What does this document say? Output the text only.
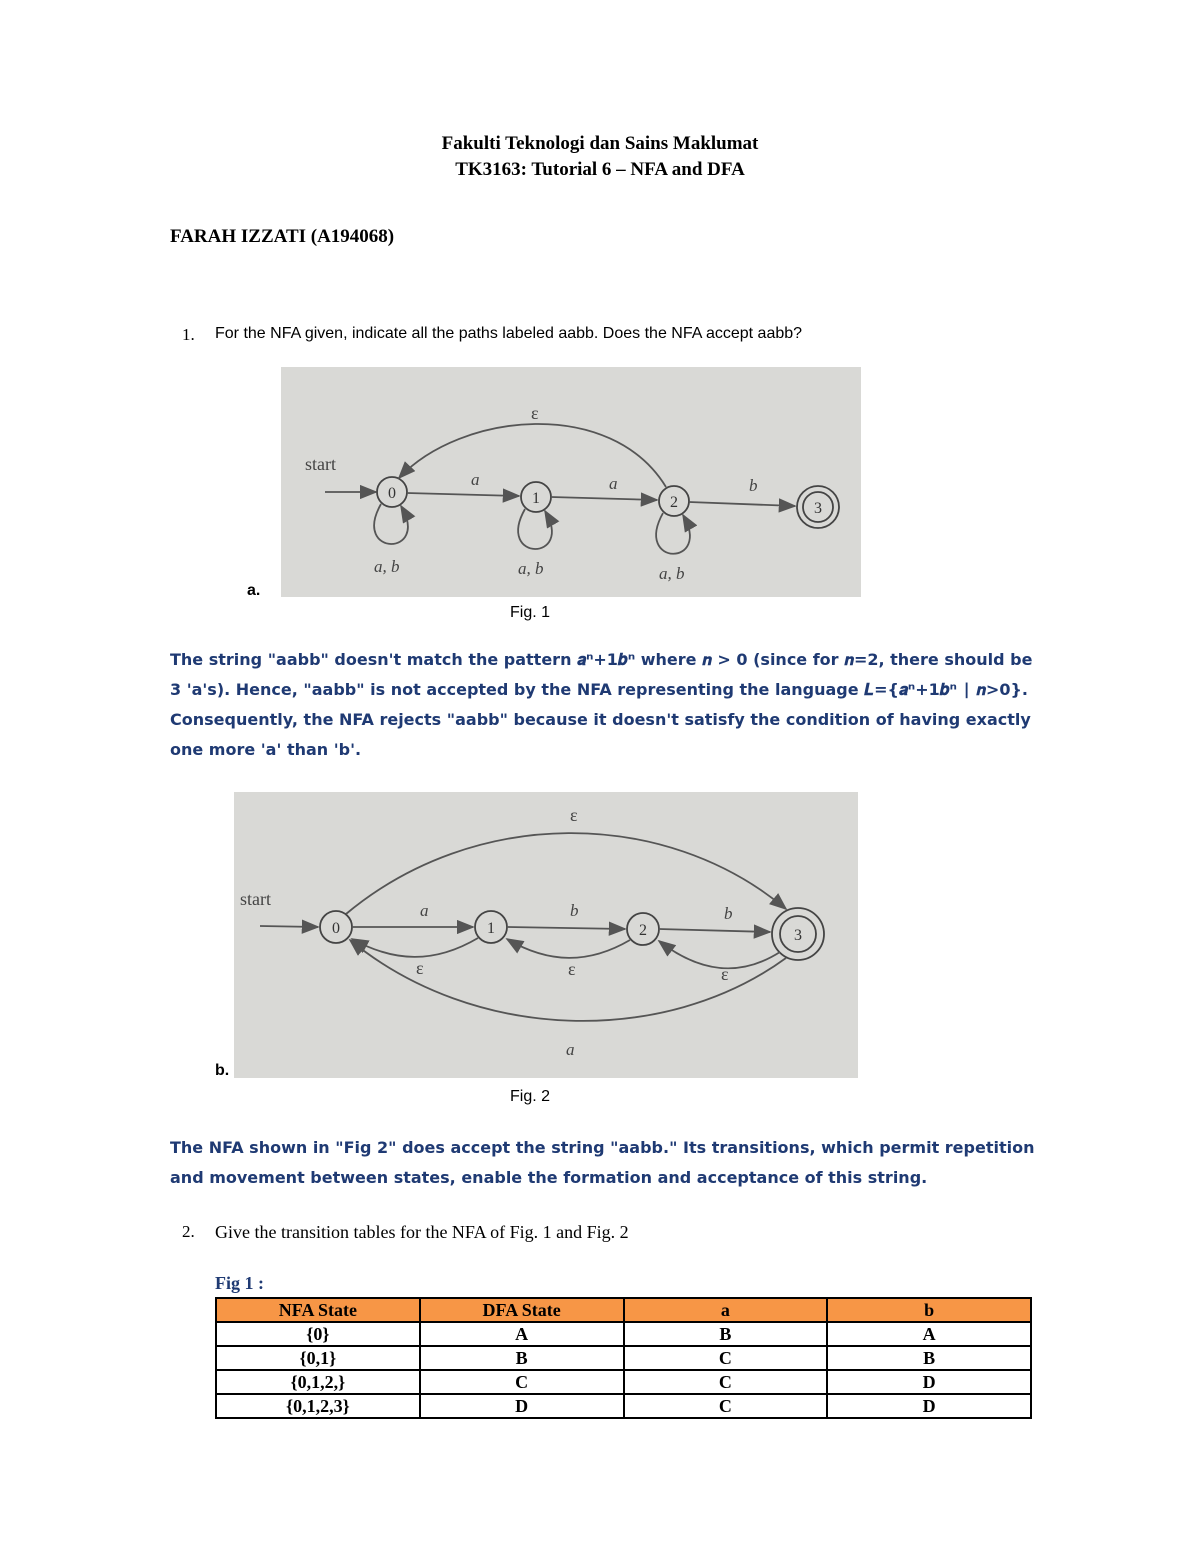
Fakulti Teknologi dan Sains Maklumat
TK3163: Tutorial 6 – NFA and DFA
FARAH IZZATI (A194068)
1. For the NFA given, indicate all the paths labeled aabb. Does the NFA accept aabb?
a.
start
0	1	2	3
a	a	b
ε
a, b	a, b	a, b
Fig. 1
The string "aabb" doesn't match the pattern 𝒂ⁿ+1𝒃ⁿ where 𝒏 > 0 (since for 𝒏=2, there should be
3 'a's). Hence, "aabb" is not accepted by the NFA representing the language 𝑳={𝒂ⁿ+1𝒃ⁿ ∣ 𝒏>0}.
Consequently, the NFA rejects "aabb" because it doesn't satisfy the condition of having exactly
one more 'a' than 'b'.
b.
start
0	1	2	3
a	b	b
ε
ε	ε	ε
a
Fig. 2
The NFA shown in "Fig 2" does accept the string "aabb." Its transitions, which permit repetition
and movement between states, enable the formation and acceptance of this string.
2. Give the transition tables for the NFA of Fig. 1 and Fig. 2
Fig 1 :
NFA State	DFA State	a	b
{0}	A	B	A
{0,1}	B	C	B
{0,1,2,}	C	C	D
{0,1,2,3}	D	C	D
